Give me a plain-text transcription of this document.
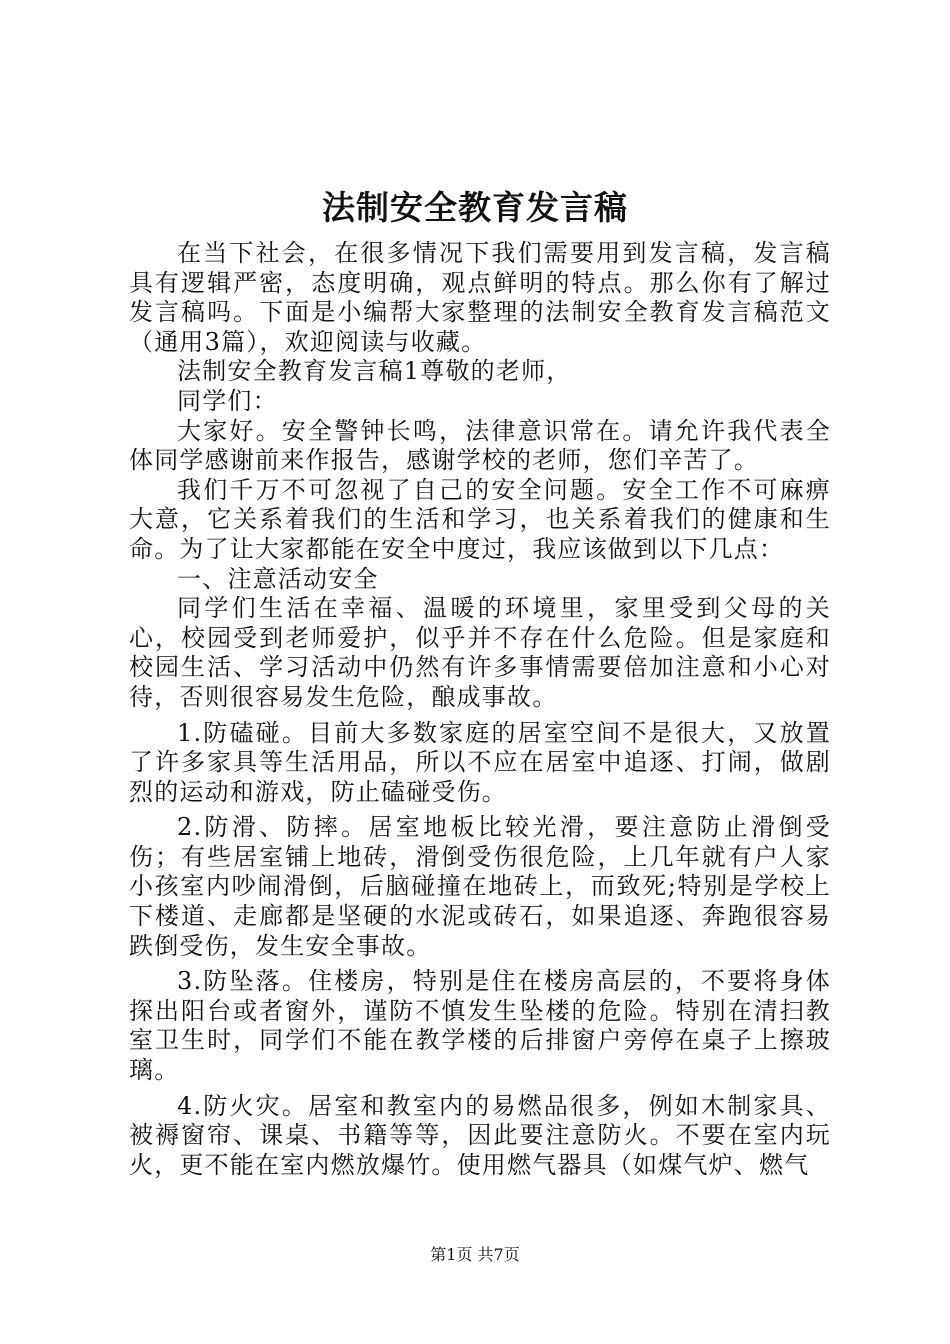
法制安全教育发言稿

在当下社会，在很多情况下我们需要用到发言稿，发言稿具有逻辑严密，态度明确，观点鲜明的特点。那么你有了解过发言稿吗。下面是小编帮大家整理的法制安全教育发言稿范文（通用3篇），欢迎阅读与收藏。

法制安全教育发言稿1尊敬的老师，

同学们：

大家好。安全警钟长鸣，法律意识常在。请允许我代表全体同学感谢前来作报告，感谢学校的老师，您们辛苦了。

我们千万不可忽视了自己的安全问题。安全工作不可麻痹大意，它关系着我们的生活和学习，也关系着我们的健康和生命。为了让大家都能在安全中度过，我应该做到以下几点：

一、注意活动安全

同学们生活在幸福、温暖的环境里，家里受到父母的关心，校园受到老师爱护，似乎并不存在什么危险。但是家庭和校园生活、学习活动中仍然有许多事情需要倍加注意和小心对待，否则很容易发生危险，酿成事故。

1.防磕碰。目前大多数家庭的居室空间不是很大，又放置了许多家具等生活用品，所以不应在居室中追逐、打闹，做剧烈的运动和游戏，防止磕碰受伤。

2.防滑、防摔。居室地板比较光滑，要注意防止滑倒受伤；有些居室铺上地砖，滑倒受伤很危险，上几年就有户人家小孩室内吵闹滑倒，后脑碰撞在地砖上，而致死;特别是学校上下楼道、走廊都是坚硬的水泥或砖石，如果追逐、奔跑很容易跌倒受伤，发生安全事故。

3.防坠落。住楼房，特别是住在楼房高层的，不要将身体探出阳台或者窗外，谨防不慎发生坠楼的危险。特别在清扫教室卫生时，同学们不能在教学楼的后排窗户旁停在桌子上擦玻璃。

4.防火灾。居室和教室内的易燃品很多，例如木制家具、被褥窗帘、课桌、书籍等等，因此要注意防火。不要在室内玩火，更不能在室内燃放爆竹。使用燃气器具（如煤气炉、燃气

第1页 共7页
